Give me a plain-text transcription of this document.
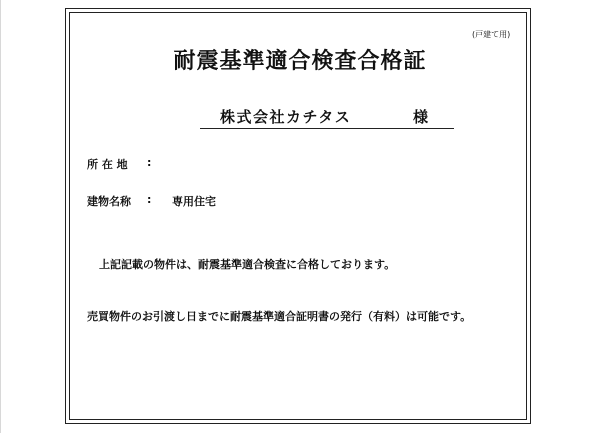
(戸建て用)
耐震基準適合検査合格証
株式会社カチタス	様
所 在 地 :
建物名称 : 専用住宅
上記記載の物件は、耐震基準適合検査に合格しております。
売買物件のお引渡し日までに耐震基準適合証明書の発行（有料）は可能です。
